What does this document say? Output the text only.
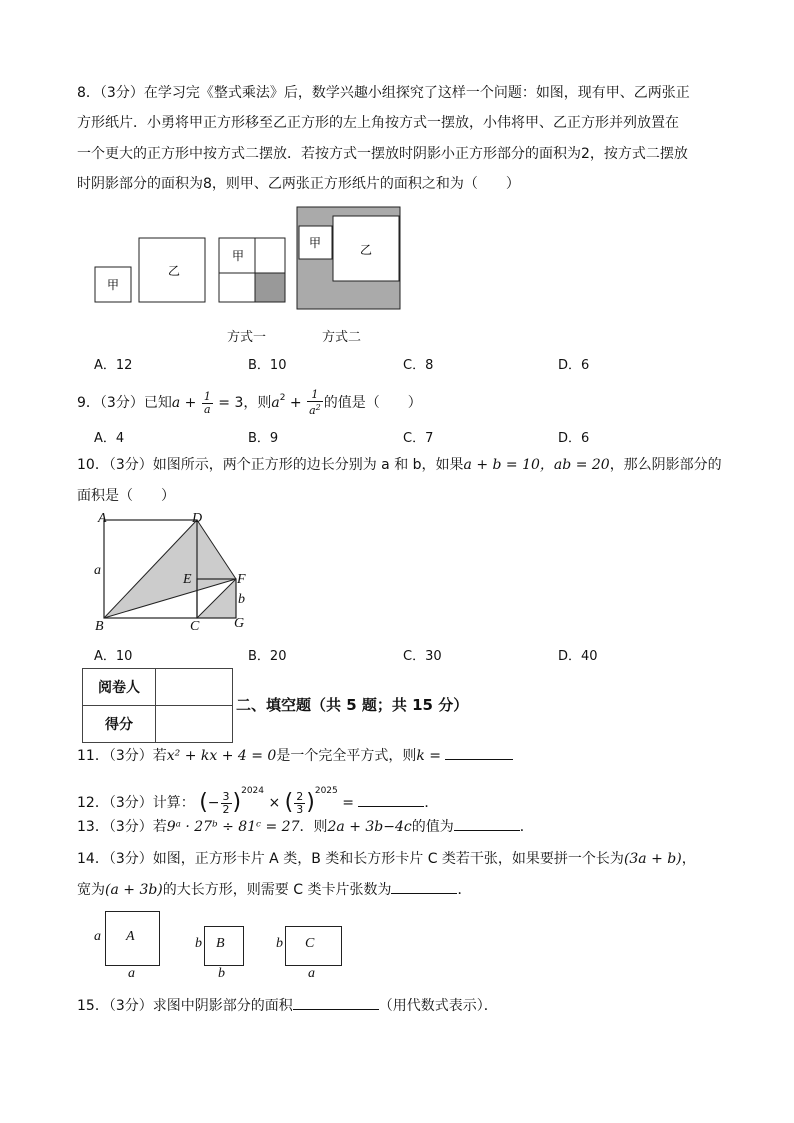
8．（3分）在学习完《整式乘法》后，数学兴趣小组探究了这样一个问题：如图，现有甲、乙两张正
方形纸片．小勇将甲正方形移至乙正方形的左上角按方式一摆放，小伟将甲、乙正方形并列放置在
一个更大的正方形中按方式二摆放．若按方式一摆放时阴影小正方形部分的面积为2，按方式二摆放
时阴影部分的面积为8，则甲、乙两张正方形纸片的面积之和为（　　）
甲
乙
甲
甲	乙
方式一	方式二
A．12	B．10	C．8	D．6
9．（3分）已知$a + \frac{1}{a} = 3$，则$a^2 + \frac{1}{a^2}$ 的值是（　　）
A．4	B．9	C．7	D．6
10．（3分）如图所示，两个正方形的边长分别为 a 和 b，如果a + b = 10，ab = 20，那么阴影部分的
面积是（　　）
A	D
a
E	F
b
B	C G
A．10	B．20	C．30	D．40
阅卷人	
得分	
二、填空题（共 5 题；共 15 分）
11．（3分）若x² + kx + 4 = 0是一个完全平方式，则k =
12．（3分）计算： (− $\frac{3}{2} )^{2024}$ × ( $\frac{2}{3} )^{2025}$ =	．
13．（3分）若9ᵃ · 27ᵇ ÷ 81ᶜ = 27．则2a + 3b−4c的值为	．
14．（3分）如图，正方形卡片 A 类，B 类和长方形卡片 C 类若干张，如果要拼一个长为(3a + b)，
宽为(a + 3b)的大长方形，则需要 C 类卡片张数为	．
A
a
a
B
b
b
C
b
a
15．（3分）求图中阴影部分的面积	（用代数式表示）．
